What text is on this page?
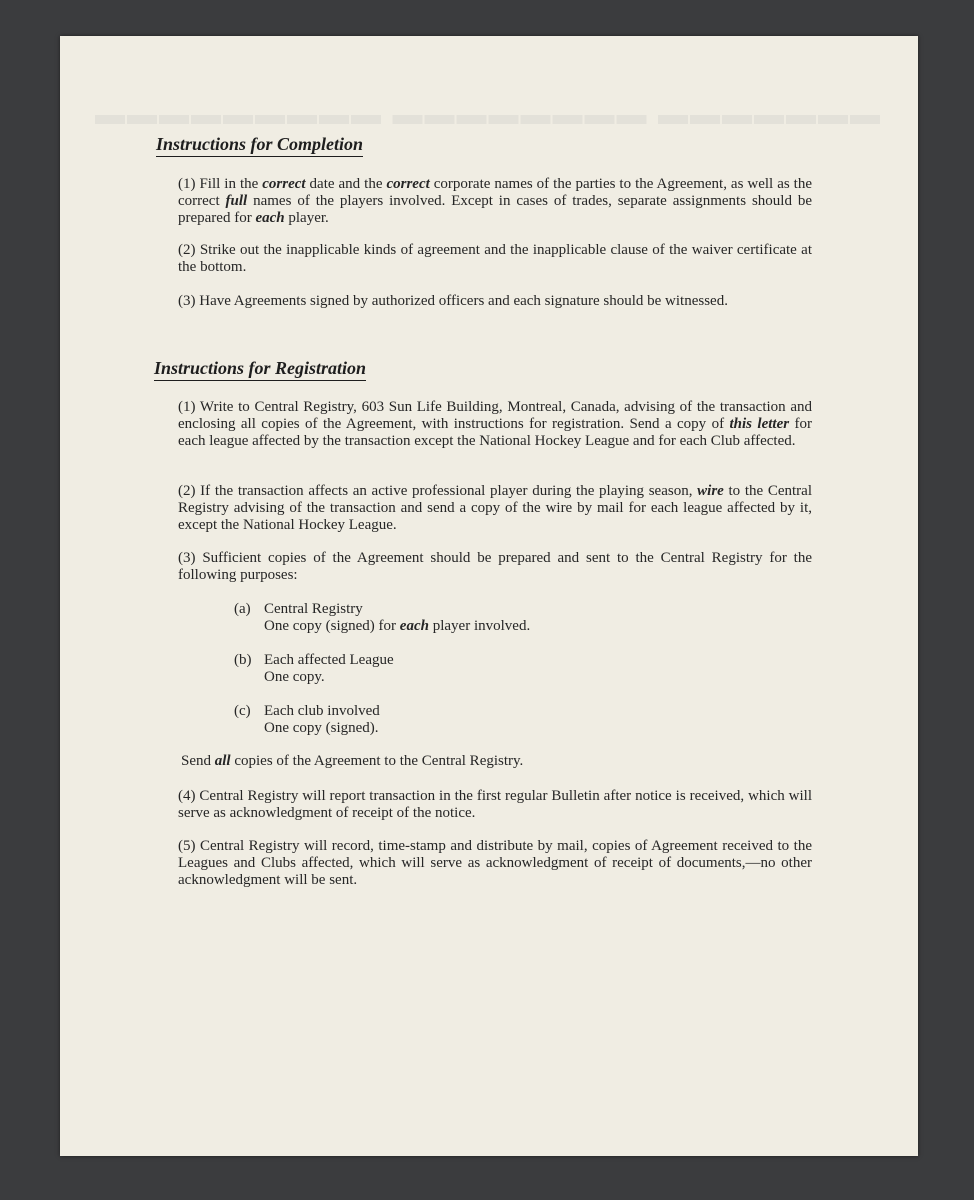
▬▬▬▬▬▬▬ ▬▬▬▬▬▬▬▬ ▬▬▬▬▬▬▬▬▬
Instructions for Completion
(1) Fill in the correct date and the correct corporate names of the parties to the Agreement, as well as the correct full names of the players involved. Except in cases of trades, separate assignments should be prepared for each player.
(2) Strike out the inapplicable kinds of agreement and the inapplicable clause of the waiver certificate at the bottom.
(3) Have Agreements signed by authorized officers and each signature should be witnessed.
Instructions for Registration
(1) Write to Central Registry, 603 Sun Life Building, Montreal, Canada, advising of the transaction and enclosing all copies of the Agreement, with instructions for registration. Send a copy of this letter for each league affected by the transaction except the National Hockey League and for each Club affected.
(2) If the transaction affects an active professional player during the playing season, wire to the Central Registry advising of the transaction and send a copy of the wire by mail for each league affected by it, except the National Hockey League.
(3) Sufficient copies of the Agreement should be prepared and sent to the Central Registry for the following purposes:
(a) Central Registry
One copy (signed) for each player involved.
(b) Each affected League
One copy.
(c) Each club involved
One copy (signed).
Send all copies of the Agreement to the Central Registry.
(4) Central Registry will report transaction in the first regular Bulletin after notice is received, which will serve as acknowledgment of receipt of the notice.
(5) Central Registry will record, time-stamp and distribute by mail, copies of Agreement received to the Leagues and Clubs affected, which will serve as acknowledgment of receipt of documents,—no other acknowledgment will be sent.
